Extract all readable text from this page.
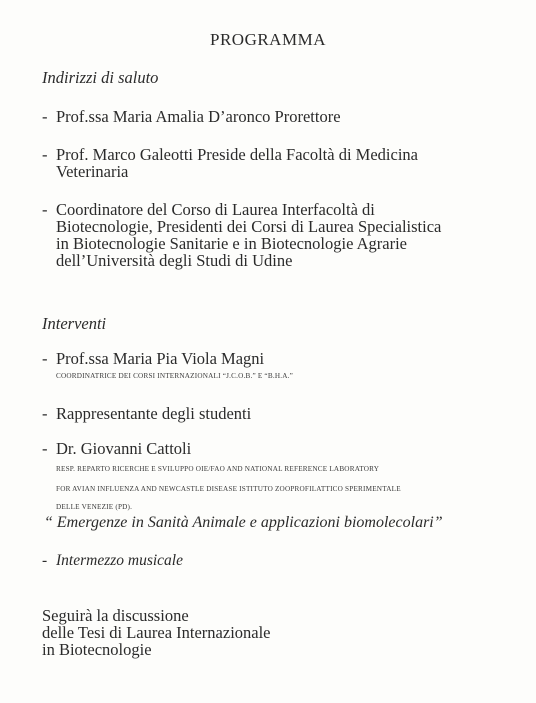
PROGRAMMA
Indirizzi di saluto
- Prof.ssa Maria Amalia D’aronco Prorettore
- Prof. Marco Galeotti Preside della Facoltà di Medicina
Veterinaria
- Coordinatore del Corso di Laurea Interfacoltà di
Biotecnologie, Presidenti dei Corsi di Laurea Specialistica
in Biotecnologie Sanitarie e in Biotecnologie Agrarie
dell’Università degli Studi di Udine
Interventi
- Prof.ssa Maria Pia Viola Magni
COORDINATRICE DEI CORSI INTERNAZIONALI “J.C.O.B.” E “B.H.A.”
- Rappresentante degli studenti
- Dr. Giovanni Cattoli
RESP. REPARTO RICERCHE E SVILUPPO OIE/FAO AND NATIONAL REFERENCE LABORATORY
FOR AVIAN INFLUENZA AND NEWCASTLE DISEASE ISTITUTO ZOOPROFILATTICO SPERIMENTALE
DELLE VENEZIE (PD).
“ Emergenze in Sanità Animale e applicazioni biomolecolari”
- Intermezzo musicale
Seguirà la discussione
delle Tesi di Laurea Internazionale
in Biotecnologie
